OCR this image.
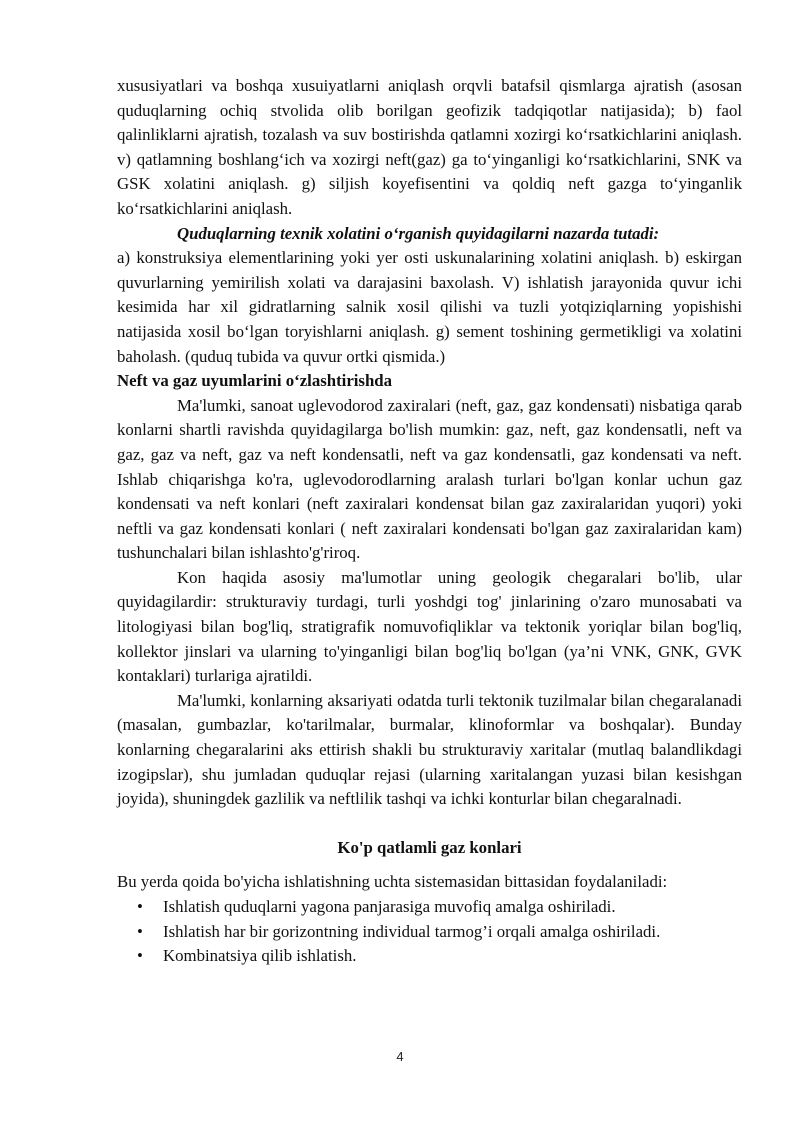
xususiyatlari va boshqa xusuiyatlarni aniqlash orqvli batafsil qismlarga ajratish (asosan quduqlarning ochiq stvolida olib borilgan geofizik tadqiqotlar natijasida); b) faol qalinliklarni ajratish, tozalash va suv bostirishda qatlamni xozirgi ko‘rsatkichlarini aniqlash. v) qatlamning boshlang‘ich va xozirgi neft(gaz) ga to‘yinganligi ko‘rsatkichlarini, SNK va GSK xolatini aniqlash. g) siljish koyefisentini va qoldiq neft gazga to‘yinganlik ko‘rsatkichlarini aniqlash.

Quduqlarning texnik xolatini o‘rganish quyidagilarni nazarda tutadi:

a) konstruksiya elementlarining yoki yer osti uskunalarining xolatini aniqlash. b) eskirgan quvurlarning yemirilish xolati va darajasini baxolash. V) ishlatish jarayonida quvur ichi kesimida har xil gidratlarning salnik xosil qilishi va tuzli yotqiziqlarning yopishishi natijasida xosil bo‘lgan toryishlarni aniqlash. g) sement toshining germetikligi va xolatini baholash. (quduq tubida va quvur ortki qismida.)

Neft va gaz uyumlarini o‘zlashtirishda

Ma'lumki, sanoat uglevodorod zaxiralari (neft, gaz, gaz kondensati) nisbatiga qarab konlarni shartli ravishda quyidagilarga bo'lish mumkin: gaz, neft, gaz kondensatli, neft va gaz, gaz va neft, gaz va neft kondensatli, neft va gaz kondensatli, gaz kondensati va neft. Ishlab chiqarishga ko'ra, uglevodorodlarning aralash turlari bo'lgan konlar uchun gaz kondensati va neft konlari (neft zaxiralari kondensat bilan gaz zaxiralaridan yuqori) yoki neftli va gaz kondensati konlari ( neft zaxiralari kondensati bo'lgan gaz zaxiralaridan kam) tushunchalari bilan ishlashto'g'riroq.

Kon haqida asosiy ma'lumotlar uning geologik chegaralari bo'lib, ular quyidagilardir: strukturaviy turdagi, turli yoshdgi tog' jinlarining o'zaro munosabati va litologiyasi bilan bog'liq, stratigrafik nomuvofiqliklar va tektonik yoriqlar bilan bog'liq, kollektor jinslari va ularning to'yinganligi bilan bog'liq bo'lgan (ya’ni VNK, GNK, GVK kontaklari) turlariga ajratildi.

Ma'lumki, konlarning aksariyati odatda turli tektonik tuzilmalar bilan chegaralanadi (masalan, gumbazlar, ko'tarilmalar, burmalar, klinoformlar va boshqalar). Bunday konlarning chegaralarini aks ettirish shakli bu strukturaviy xaritalar (mutlaq balandlikdagi izogipslar), shu jumladan quduqlar rejasi (ularning xaritalangan yuzasi bilan kesishgan joyida), shuningdek gazlilik va neftlilik tashqi va ichki konturlar bilan chegaralnadi.

Ko'p qatlamli gaz konlari

Bu yerda qoida bo'yicha ishlatishning uchta sistemasidan bittasidan foydalaniladi:

• Ishlatish quduqlarni yagona panjarasiga muvofiq amalga oshiriladi.
• Ishlatish har bir gorizontning individual tarmog’i orqali amalga oshiriladi.
• Kombinatsiya qilib ishlatish.
4
